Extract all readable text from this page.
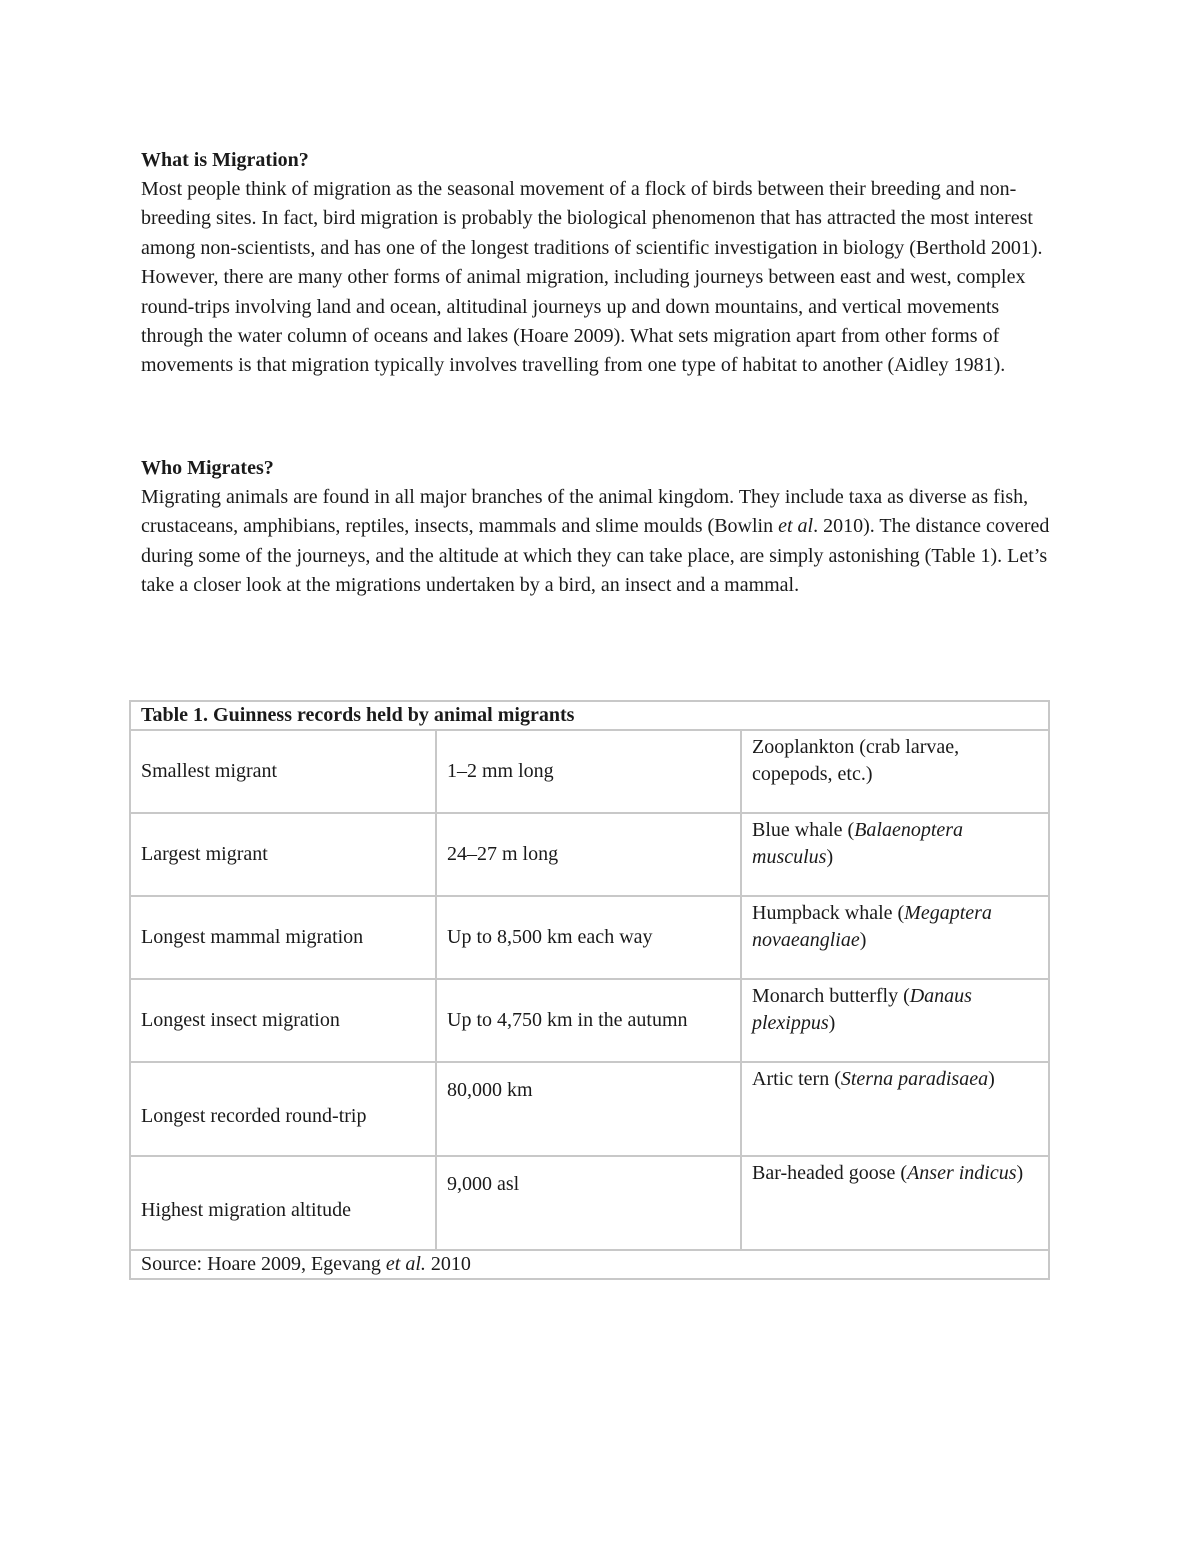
What is Migration?

Most people think of migration as the seasonal movement of a flock of birds between their breeding and non-breeding sites. In fact, bird migration is probably the biological phenomenon that has attracted the most interest among non-scientists, and has one of the longest traditions of scientific investigation in biology (Berthold 2001). However, there are many other forms of animal migration, including journeys between east and west, complex round-trips involving land and ocean, altitudinal journeys up and down mountains, and vertical movements through the water column of oceans and lakes (Hoare 2009). What sets migration apart from other forms of movements is that migration typically involves travelling from one type of habitat to another (Aidley 1981).

Who Migrates?

Migrating animals are found in all major branches of the animal kingdom. They include taxa as diverse as fish, crustaceans, amphibians, reptiles, insects, mammals and slime moulds (Bowlin et al. 2010). The distance covered during some of the journeys, and the altitude at which they can take place, are simply astonishing (Table 1). Let’s take a closer look at the migrations undertaken by a bird, an insect and a mammal.

Table 1. Guinness records held by animal migrants		
Smallest migrant	1–2 mm long	Zooplankton (crab larvae, copepods, etc.)
Largest migrant	24–27 m long	Blue whale (Balaenoptera musculus)
Longest mammal migration	Up to 8,500 km each way	Humpback whale (Megaptera novaeangliae)
Longest insect migration	Up to 4,750 km in the autumn	Monarch butterfly (Danaus plexippus)
Longest recorded round-trip	80,000 km	Artic tern (Sterna paradisaea)
Highest migration altitude	9,000 asl	Bar-headed goose (Anser indicus)
Source: Hoare 2009, Egevang et al. 2010		
